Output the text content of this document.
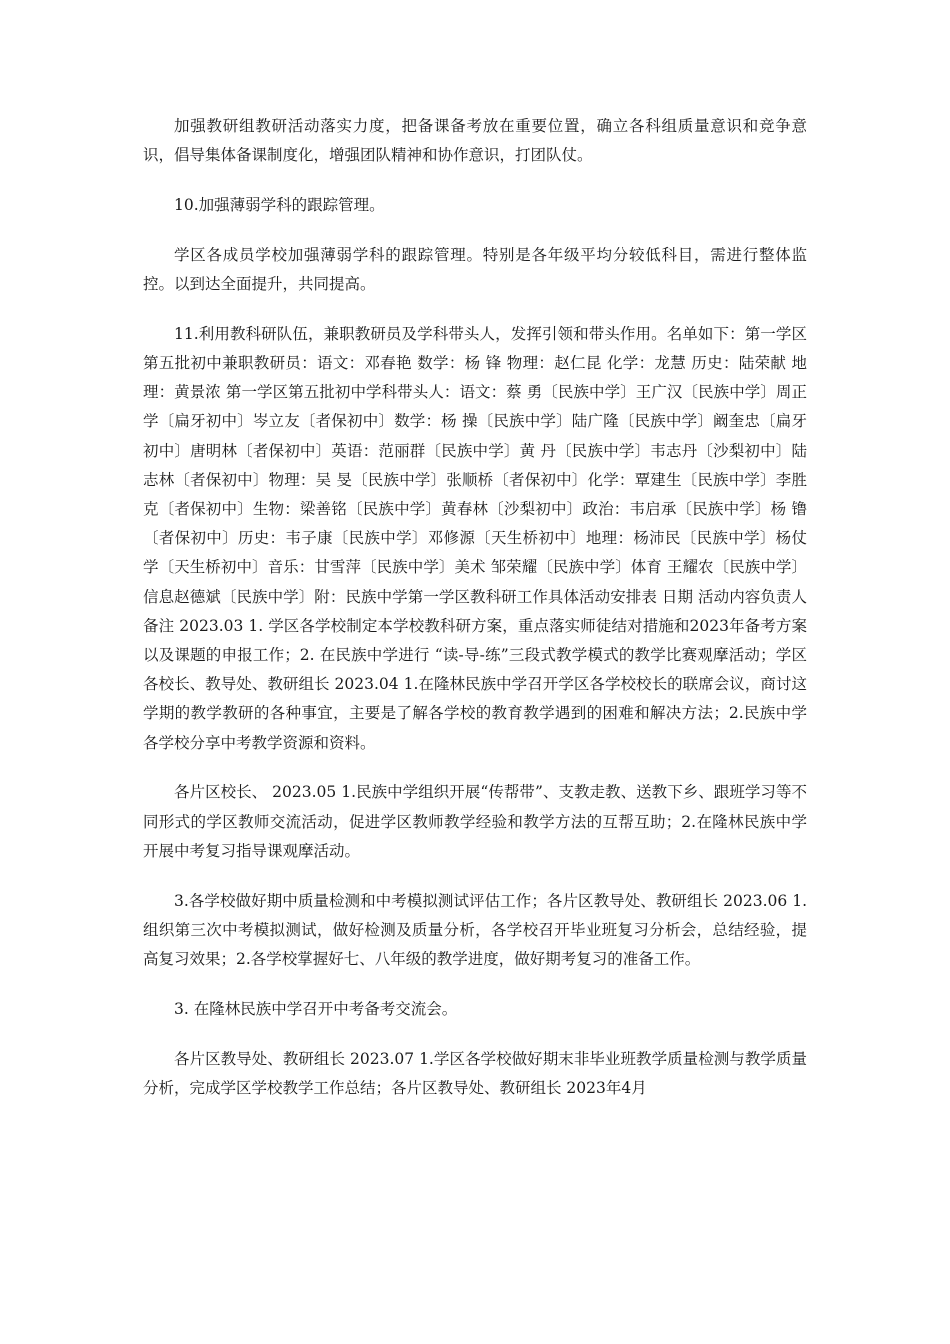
加强教研组教研活动落实力度，把备课备考放在重要位置，确立各科组质量意识和竞争意识，倡导集体备课制度化，增强团队精神和协作意识，打团队仗。

10.加强薄弱学科的跟踪管理。

学区各成员学校加强薄弱学科的跟踪管理。特别是各年级平均分较低科目，需进行整体监控。以到达全面提升，共同提高。

11.利用教科研队伍，兼职教研员及学科带头人，发挥引领和带头作用。名单如下：第一学区第五批初中兼职教研员：语文：邓春艳 数学：杨 锋 物理：赵仁昆 化学：龙慧 历史：陆荣献 地理：黄景浓 第一学区第五批初中学科带头人：语文：蔡 勇〔民族中学〕王广汉〔民族中学〕周正学〔扁牙初中〕岑立友〔者保初中〕数学：杨 操〔民族中学〕陆广隆〔民族中学〕阚奎忠〔扁牙初中〕唐明林〔者保初中〕英语：范丽群〔民族中学〕黄 丹〔民族中学〕韦志丹〔沙梨初中〕陆志林〔者保初中〕物理：吴 旻〔民族中学〕张顺桥〔者保初中〕化学：覃建生〔民族中学〕李胜克〔者保初中〕生物：梁善铭〔民族中学〕黄春林〔沙梨初中〕政治：韦启承〔民族中学〕杨 镥〔者保初中〕历史：韦子康〔民族中学〕邓修源〔天生桥初中〕地理：杨沛民〔民族中学〕杨仗学〔天生桥初中〕音乐：甘雪萍〔民族中学〕美术 邹荣耀〔民族中学〕体育 王耀农〔民族中学〕信息赵德斌〔民族中学〕附：民族中学第一学区教科研工作具体活动安排表 日期 活动内容负责人 备注 2023.03 1. 学区各学校制定本学校教科研方案，重点落实师徒结对措施和2023年备考方案以及课题的申报工作；2. 在民族中学进行 “读-导-练”三段式教学模式的教学比赛观摩活动；学区各校长、教导处、教研组长 2023.04 1.在隆林民族中学召开学区各学校校长的联席会议，商讨这学期的教学教研的各种事宜，主要是了解各学校的教育教学遇到的困难和解决方法；2.民族中学各学校分享中考教学资源和资料。

各片区校长、 2023.05 1.民族中学组织开展“传帮带”、支教走教、送教下乡、跟班学习等不同形式的学区教师交流活动，促进学区教师教学经验和教学方法的互帮互助；2.在隆林民族中学开展中考复习指导课观摩活动。

3.各学校做好期中质量检测和中考模拟测试评估工作；各片区教导处、教研组长 2023.06 1.组织第三次中考模拟测试，做好检测及质量分析，各学校召开毕业班复习分析会，总结经验，提高复习效果；2.各学校掌握好七、八年级的教学进度，做好期考复习的准备工作。

3. 在隆林民族中学召开中考备考交流会。

各片区教导处、教研组长 2023.07 1.学区各学校做好期末非毕业班教学质量检测与教学质量分析，完成学区学校教学工作总结；各片区教导处、教研组长 2023年4月
